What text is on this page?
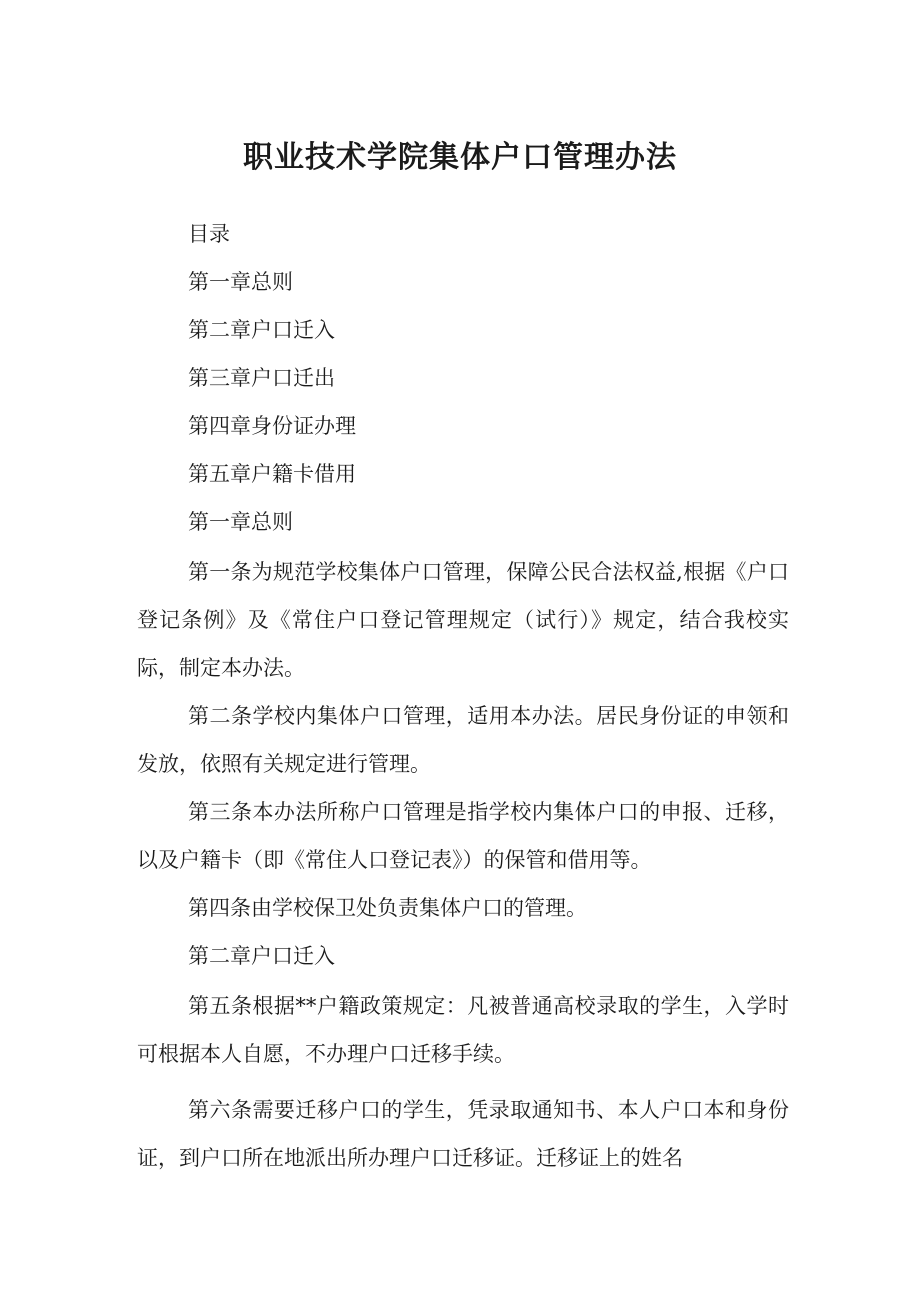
职业技术学院集体户口管理办法
目录
第一章总则
第二章户口迁入
第三章户口迁出
第四章身份证办理
第五章户籍卡借用
第一章总则

第一条为规范学校集体户口管理，保障公民合法权益,根据《户口登记条例》及《常住户口登记管理规定（试行）》规定，结合我校实际，制定本办法。

第二条学校内集体户口管理，适用本办法。居民身份证的申领和发放，依照有关规定进行管理。

第三条本办法所称户口管理是指学校内集体户口的申报、迁移，以及户籍卡（即《常住人口登记表》）的保管和借用等。

第四条由学校保卫处负责集体户口的管理。
第二章户口迁入

第五条根据**户籍政策规定：凡被普通高校录取的学生，入学时可根据本人自愿，不办理户口迁移手续。

第六条需要迁移户口的学生，凭录取通知书、本人户口本和身份证，到户口所在地派出所办理户口迁移证。迁移证上的姓名
